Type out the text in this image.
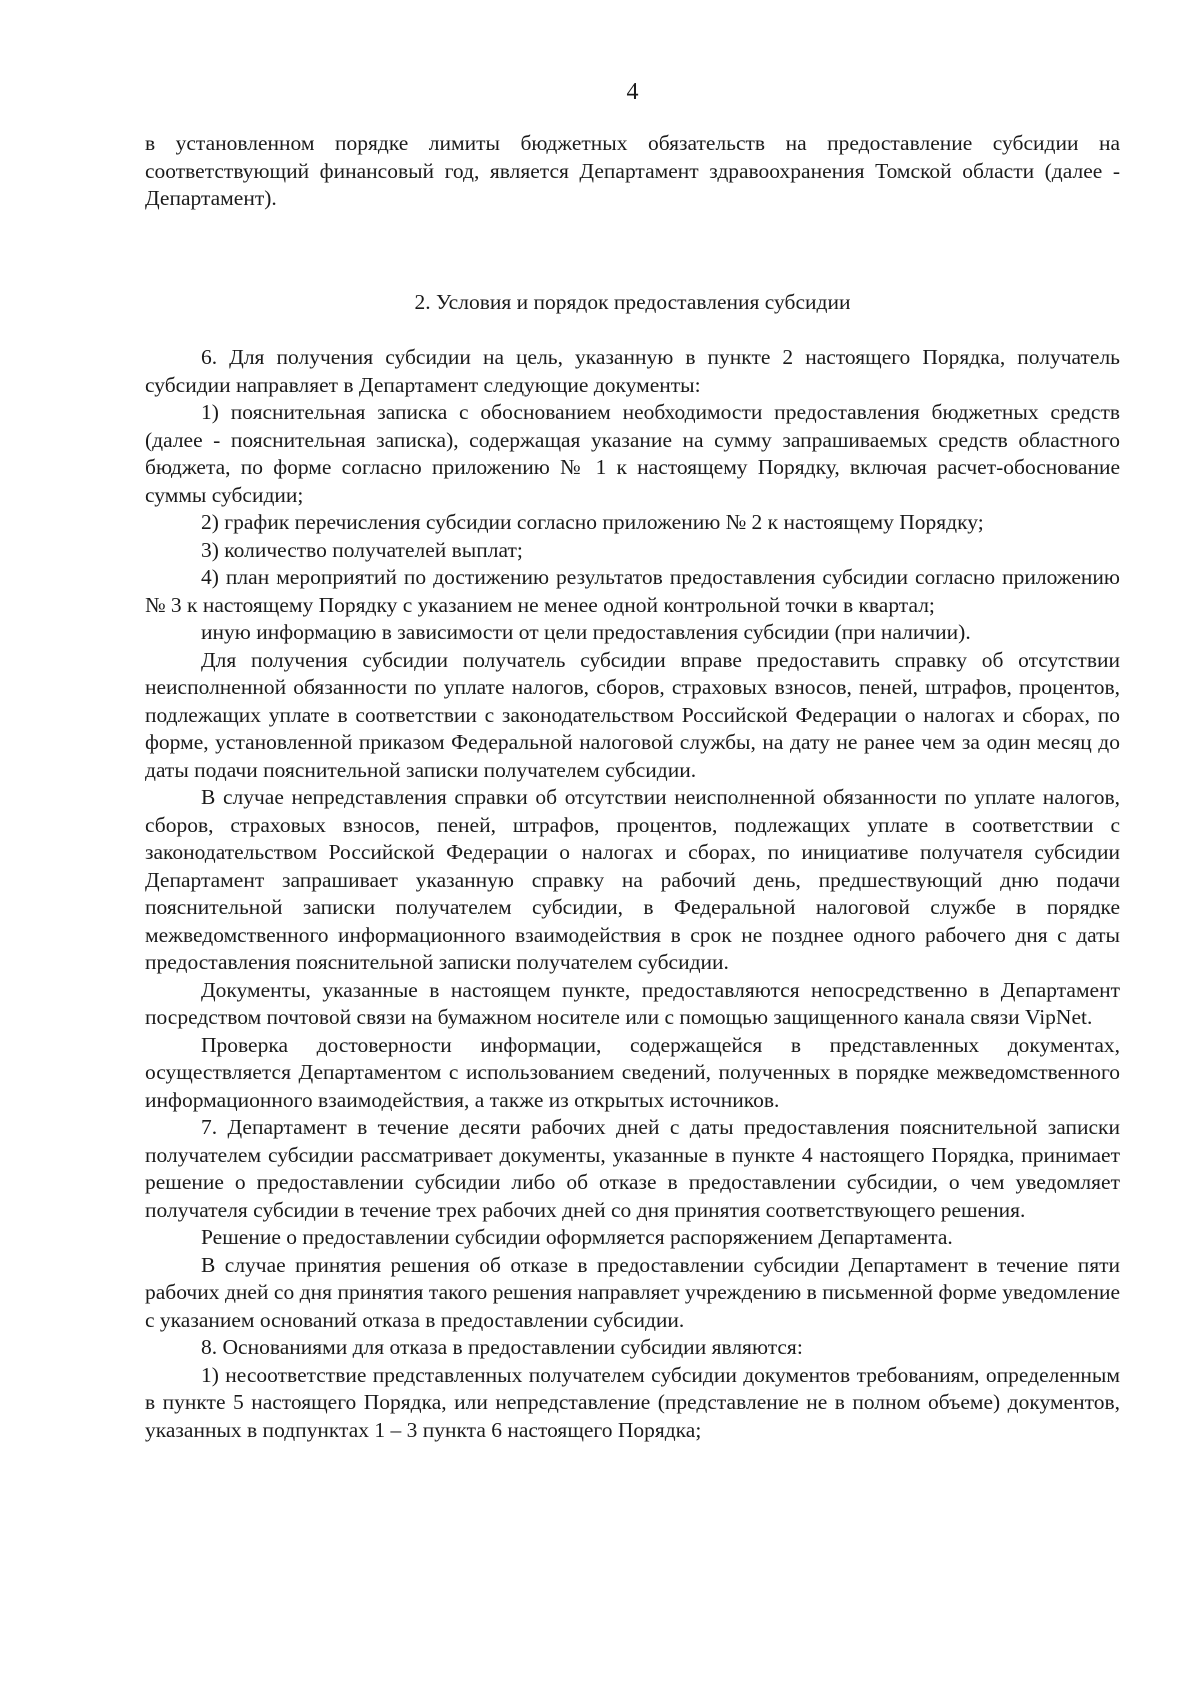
4

в установленном порядке лимиты бюджетных обязательств на предоставление субсидии на соответствующий финансовый год, является Департамент здравоохранения Томской области (далее - Департамент).

2. Условия и порядок предоставления субсидии

6. Для получения субсидии на цель, указанную в пункте 2 настоящего Порядка, получатель субсидии направляет в Департамент следующие документы:

1) пояснительная записка с обоснованием необходимости предоставления бюджетных средств (далее - пояснительная записка), содержащая указание на сумму запрашиваемых средств областного бюджета, по форме согласно приложению № 1 к настоящему Порядку, включая расчет-обоснование суммы субсидии;

2) график перечисления субсидии согласно приложению № 2 к настоящему Порядку;

3) количество получателей выплат;

4) план мероприятий по достижению результатов предоставления субсидии согласно приложению № 3 к настоящему Порядку с указанием не менее одной контрольной точки в квартал;

иную информацию в зависимости от цели предоставления субсидии (при наличии).

Для получения субсидии получатель субсидии вправе предоставить справку об отсутствии неисполненной обязанности по уплате налогов, сборов, страховых взносов, пеней, штрафов, процентов, подлежащих уплате в соответствии с законодательством Российской Федерации о налогах и сборах, по форме, установленной приказом Федеральной налоговой службы, на дату не ранее чем за один месяц до даты подачи пояснительной записки получателем субсидии.

В случае непредставления справки об отсутствии неисполненной обязанности по уплате налогов, сборов, страховых взносов, пеней, штрафов, процентов, подлежащих уплате в соответствии с законодательством Российской Федерации о налогах и сборах, по инициативе получателя субсидии Департамент запрашивает указанную справку на рабочий день, предшествующий дню подачи пояснительной записки получателем субсидии, в Федеральной налоговой службе в порядке межведомственного информационного взаимодействия в срок не позднее одного рабочего дня с даты предоставления пояснительной записки получателем субсидии.

Документы, указанные в настоящем пункте, предоставляются непосредственно в Департамент посредством почтовой связи на бумажном носителе или с помощью защищенного канала связи VipNet.

Проверка достоверности информации, содержащейся в представленных документах, осуществляется Департаментом с использованием сведений, полученных в порядке межведомственного информационного взаимодействия, а также из открытых источников.

7. Департамент в течение десяти рабочих дней с даты предоставления пояснительной записки получателем субсидии рассматривает документы, указанные в пункте 4 настоящего Порядка, принимает решение о предоставлении субсидии либо об отказе в предоставлении субсидии, о чем уведомляет получателя субсидии в течение трех рабочих дней со дня принятия соответствующего решения.

Решение о предоставлении субсидии оформляется распоряжением Департамента.

В случае принятия решения об отказе в предоставлении субсидии Департамент в течение пяти рабочих дней со дня принятия такого решения направляет учреждению в письменной форме уведомление с указанием оснований отказа в предоставлении субсидии.

8. Основаниями для отказа в предоставлении субсидии являются:

1) несоответствие представленных получателем субсидии документов требованиям, определенным в пункте 5 настоящего Порядка, или непредставление (представление не в полном объеме) документов, указанных в подпунктах 1 – 3 пункта 6 настоящего Порядка;
